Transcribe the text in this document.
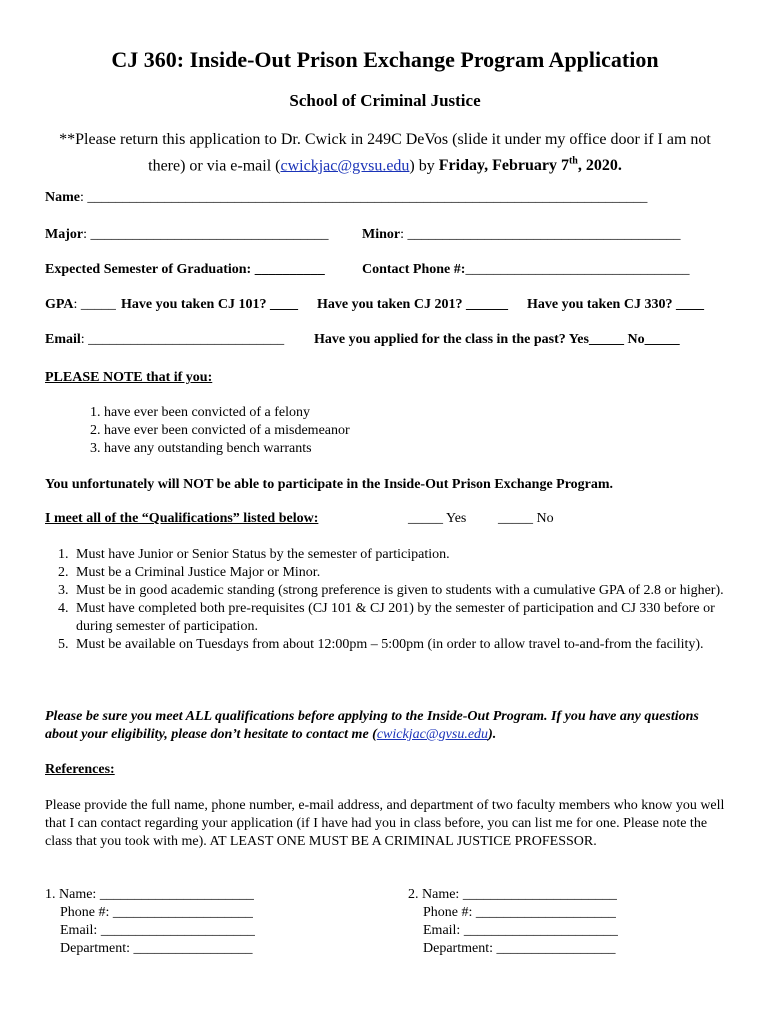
CJ 360: Inside-Out Prison Exchange Program Application
School of Criminal Justice
**Please return this application to Dr. Cwick in 249C DeVos (slide it under my office door if I am not there) or via e-mail (cwickjac@gvsu.edu) by Friday, February 7th, 2020.
Name: ________________________________________________________________________________
Major: __________________________________ Minor: _______________________________________
Expected Semester of Graduation: __________	Contact Phone #:________________________________
GPA: _____ Have you taken CJ 101? ____ Have you taken CJ 201? ______ Have you taken CJ 330? ____
Email: ____________________________ Have you applied for the class in the past? Yes_____ No_____
PLEASE NOTE that if you:
1. have ever been convicted of a felony
2. have ever been convicted of a misdemeanor
3. have any outstanding bench warrants
You unfortunately will NOT be able to participate in the Inside-Out Prison Exchange Program.
I meet all of the “Qualifications” listed below:	_____ Yes _____ No
1. Must have Junior or Senior Status by the semester of participation.
2. Must be a Criminal Justice Major or Minor.
3. Must be in good academic standing (strong preference is given to students with a cumulative GPA of 2.8 or higher).
4. Must have completed both pre-requisites (CJ 101 & CJ 201) by the semester of participation and CJ 330 before or during semester of participation.
5. Must be available on Tuesdays from about 12:00pm – 5:00pm (in order to allow travel to-and-from the facility).
Please be sure you meet ALL qualifications before applying to the Inside-Out Program. If you have any questions about your eligibility, please don’t hesitate to contact me (cwickjac@gvsu.edu).
References:
Please provide the full name, phone number, e-mail address, and department of two faculty members who know you well that I can contact regarding your application (if I have had you in class before, you can list me for one. Please note the class that you took with me). AT LEAST ONE MUST BE A CRIMINAL JUSTICE PROFESSOR.
1. Name: ______________________
Phone #: ____________________
Email: ______________________
Department: _________________
2. Name: ______________________
Phone #: ____________________
Email: ______________________
Department: _________________
